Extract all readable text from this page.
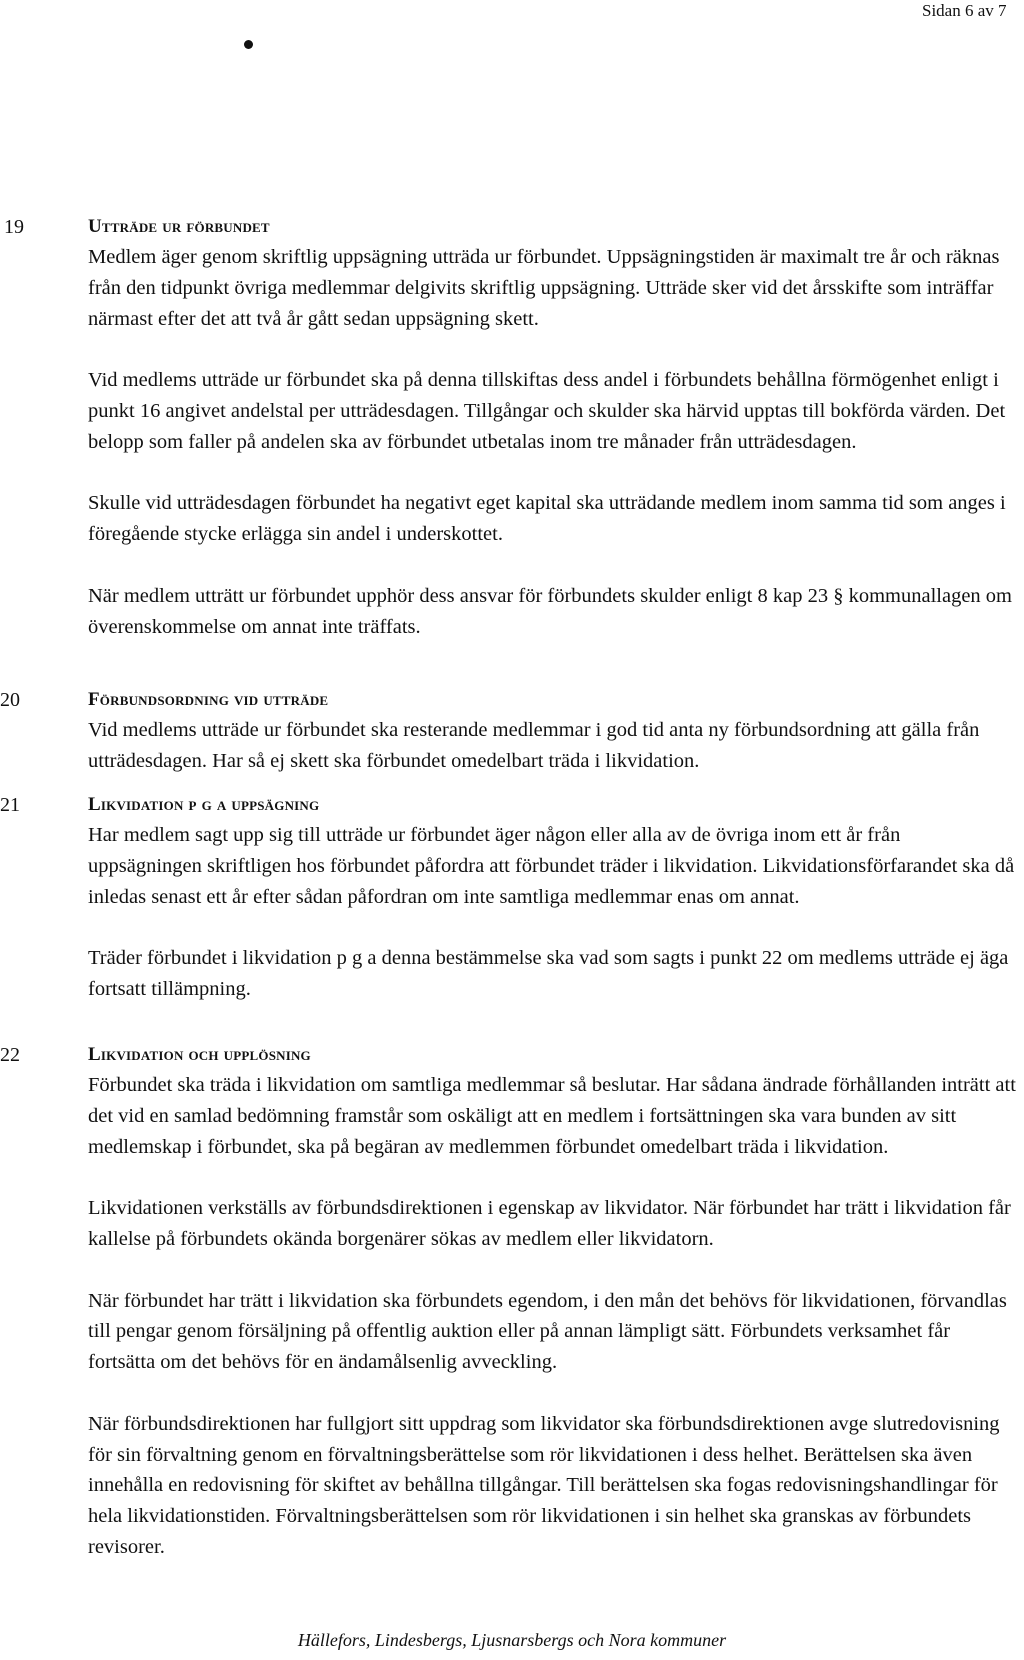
Sidan 6 av 7
19	Utträde ur förbundet

Medlem äger genom skriftlig uppsägning utträda ur förbundet. Uppsägningstiden är maximalt tre år och räknas från den tidpunkt övriga medlemmar delgivits skriftlig uppsägning. Utträde sker vid det årsskifte som inträffar närmast efter det att två år gått sedan uppsägning skett.

Vid medlems utträde ur förbundet ska på denna tillskiftas dess andel i förbundets behållna förmögenhet enligt i punkt 16 angivet andelstal per utträdesdagen. Tillgångar och skulder ska härvid upptas till bokförda värden. Det belopp som faller på andelen ska av förbundet utbetalas inom tre månader från utträdesdagen.

Skulle vid utträdesdagen förbundet ha negativt eget kapital ska utträdande medlem inom samma tid som anges i föregående stycke erlägga sin andel i underskottet.

När medlem utträtt ur förbundet upphör dess ansvar för förbundets skulder enligt 8 kap 23 § kommunallagen om överenskommelse om annat inte träffats.

20	Förbundsordning vid utträde

Vid medlems utträde ur förbundet ska resterande medlemmar i god tid anta ny förbundsordning att gälla från utträdesdagen. Har så ej skett ska förbundet omedelbart träda i likvidation.

21	Likvidation p g a uppsägning

Har medlem sagt upp sig till utträde ur förbundet äger någon eller alla av de övriga inom ett år från uppsägningen skriftligen hos förbundet påfordra att förbundet träder i likvidation. Likvidationsförfarandet ska då inledas senast ett år efter sådan påfordran om inte samtliga medlemmar enas om annat.

Träder förbundet i likvidation p g a denna bestämmelse ska vad som sagts i punkt 22 om medlems utträde ej äga fortsatt tillämpning.

22	Likvidation och upplösning

Förbundet ska träda i likvidation om samtliga medlemmar så beslutar. Har sådana ändrade förhållanden inträtt att det vid en samlad bedömning framstår som oskäligt att en medlem i fortsättningen ska vara bunden av sitt medlemskap i förbundet, ska på begäran av medlemmen förbundet omedelbart träda i likvidation.

Likvidationen verkställs av förbundsdirektionen i egenskap av likvidator. När förbundet har trätt i likvidation får kallelse på förbundets okända borgenärer sökas av medlem eller likvidatorn.

När förbundet har trätt i likvidation ska förbundets egendom, i den mån det behövs för likvidationen, förvandlas till pengar genom försäljning på offentlig auktion eller på annan lämpligt sätt. Förbundets verksamhet får fortsätta om det behövs för en ändamålsenlig avveckling.

När förbundsdirektionen har fullgjort sitt uppdrag som likvidator ska förbundsdirektionen avge slutredovisning för sin förvaltning genom en förvaltningsberättelse som rör likvidationen i dess helhet. Berättelsen ska även innehålla en redovisning för skiftet av behållna tillgångar. Till berättelsen ska fogas redovisningshandlingar för hela likvidationstiden. Förvaltningsberättelsen som rör likvidationen i sin helhet ska granskas av förbundets revisorer.

Hällefors, Lindesbergs, Ljusnarsbergs och Nora kommuner
